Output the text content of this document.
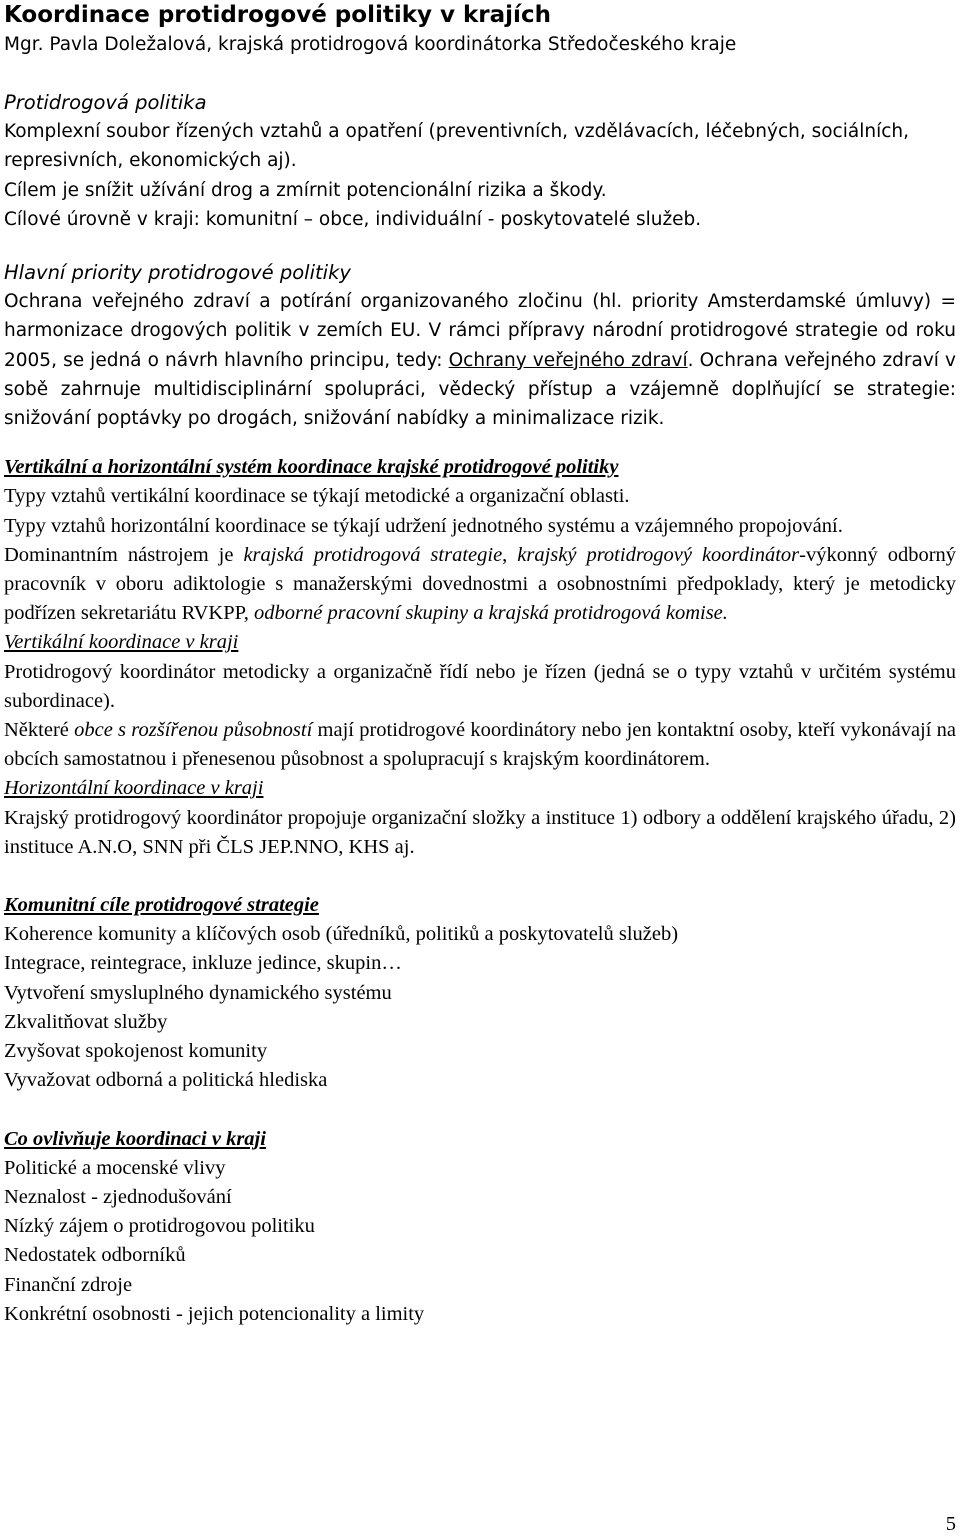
Koordinace protidrogové politiky v krajích

Mgr. Pavla Doležalová, krajská protidrogová koordinátorka Středočeského kraje

Protidrogová politika

Komplexní soubor řízených vztahů a opatření (preventivních, vzdělávacích, léčebných, sociálních, represivních, ekonomických aj).

Cílem je snížit užívání drog a zmírnit potencionální rizika a škody.

Cílové úrovně v kraji: komunitní – obce, individuální - poskytovatelé služeb.

Hlavní priority protidrogové politiky

Ochrana veřejného zdraví a potírání organizovaného zločinu (hl. priority Amsterdamské úmluvy) = harmonizace drogových politik v zemích EU. V rámci přípravy národní protidrogové strategie od roku 2005, se jedná o návrh hlavního principu, tedy: Ochrany veřejného zdraví. Ochrana veřejného zdraví v sobě zahrnuje multidisciplinární spolupráci, vědecký přístup a vzájemně doplňující se strategie: snižování poptávky po drogách, snižování nabídky a minimalizace rizik.

Vertikální a horizontální systém koordinace krajské protidrogové politiky

Typy vztahů vertikální koordinace se týkají metodické a organizační oblasti.

Typy vztahů horizontální koordinace se týkají udržení jednotného systému a vzájemného propojování.

Dominantním nástrojem je krajská protidrogová strategie, krajský protidrogový koordinátor-výkonný odborný pracovník v oboru adiktologie s manažerskými dovednostmi a osobnostními předpoklady, který je metodicky podřízen sekretariátu RVKPP, odborné pracovní skupiny a krajská protidrogová komise.

Vertikální koordinace v kraji

Protidrogový koordinátor metodicky a organizačně řídí nebo je řízen (jedná se o typy vztahů v určitém systému subordinace).

Některé obce s rozšířenou působností mají protidrogové koordinátory nebo jen kontaktní osoby, kteří vykonávají na obcích samostatnou i přenesenou působnost a spolupracují s krajským koordinátorem.

Horizontální koordinace v kraji

Krajský protidrogový koordinátor propojuje organizační složky a instituce 1) odbory a oddělení krajského úřadu, 2) instituce A.N.O, SNN při ČLS JEP.NNO, KHS aj.

Komunitní cíle protidrogové strategie

Koherence komunity a klíčových osob (úředníků, politiků a poskytovatelů služeb)

Integrace, reintegrace, inkluze jedince, skupin…

Vytvoření smysluplného dynamického systému

Zkvalitňovat služby

Zvyšovat spokojenost komunity

Vyvažovat odborná a politická hlediska

Co ovlivňuje koordinaci v kraji

Politické a mocenské vlivy

Neznalost - zjednodušování

Nízký zájem o protidrogovou politiku

Nedostatek odborníků

Finanční zdroje

Konkrétní osobnosti - jejich potencionality a limity

5
